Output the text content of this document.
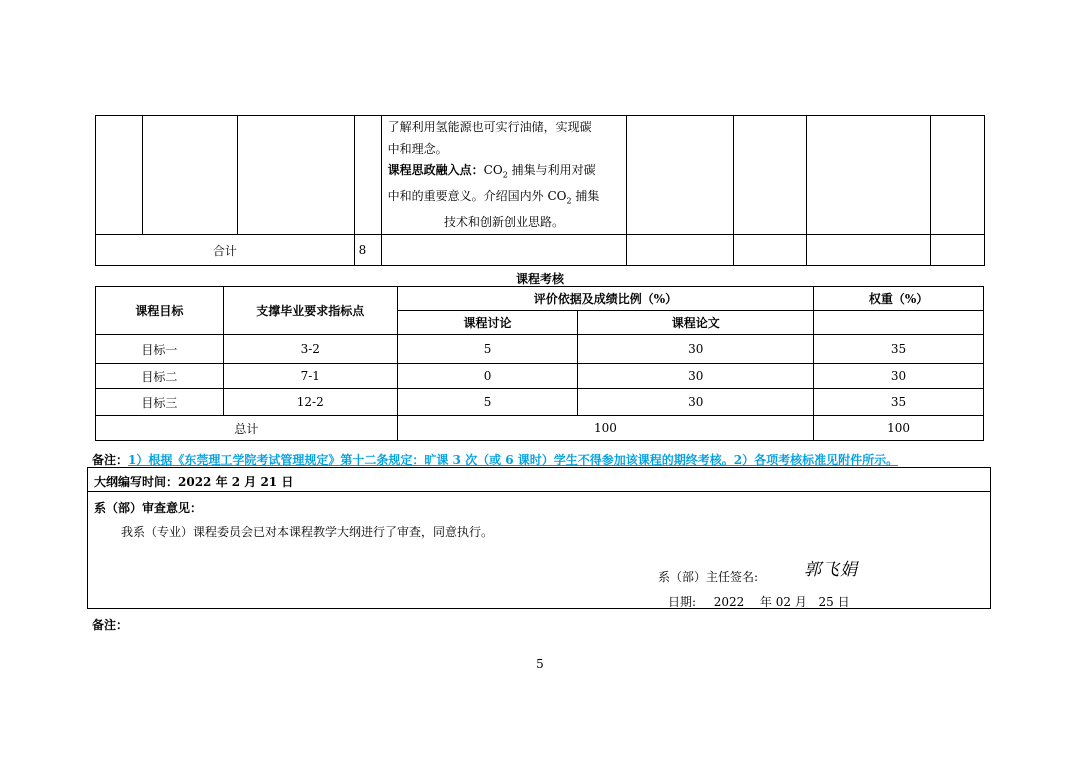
				了解利用氢能源也可实行油储，实现碳
中和理念。
课程思政融入点：$CO_2$ 捕集与利用对碳
中和的重要意义。介绍国内外 $CO_2$ 捕集
技术和创新创业思路。				

合计			8					
课程考核
课程目标	支撑毕业要求指标点	评价依据及成绩比例（%）		权重（%）
		课程讨论	课程论文	
目标一	3-2	5	30	35
目标二	7-1	0	30	30
目标三	12-2	5	30	35
总计		100		100
备注：1）根据《东莞理工学院考试管理规定》第十二条规定：旷课 3 次（或 6 课时）学生不得参加该课程的期终考核。2）各项考核标准见附件所示。
大纲编写时间：2022 年 2 月 21 日
系（部）审查意见：
我系（专业）课程委员会已对本课程教学大纲进行了审查，同意执行。
系（部）主任签名:	郭飞娟
日期: 2022 年 02 月 25 日
备注：
5
